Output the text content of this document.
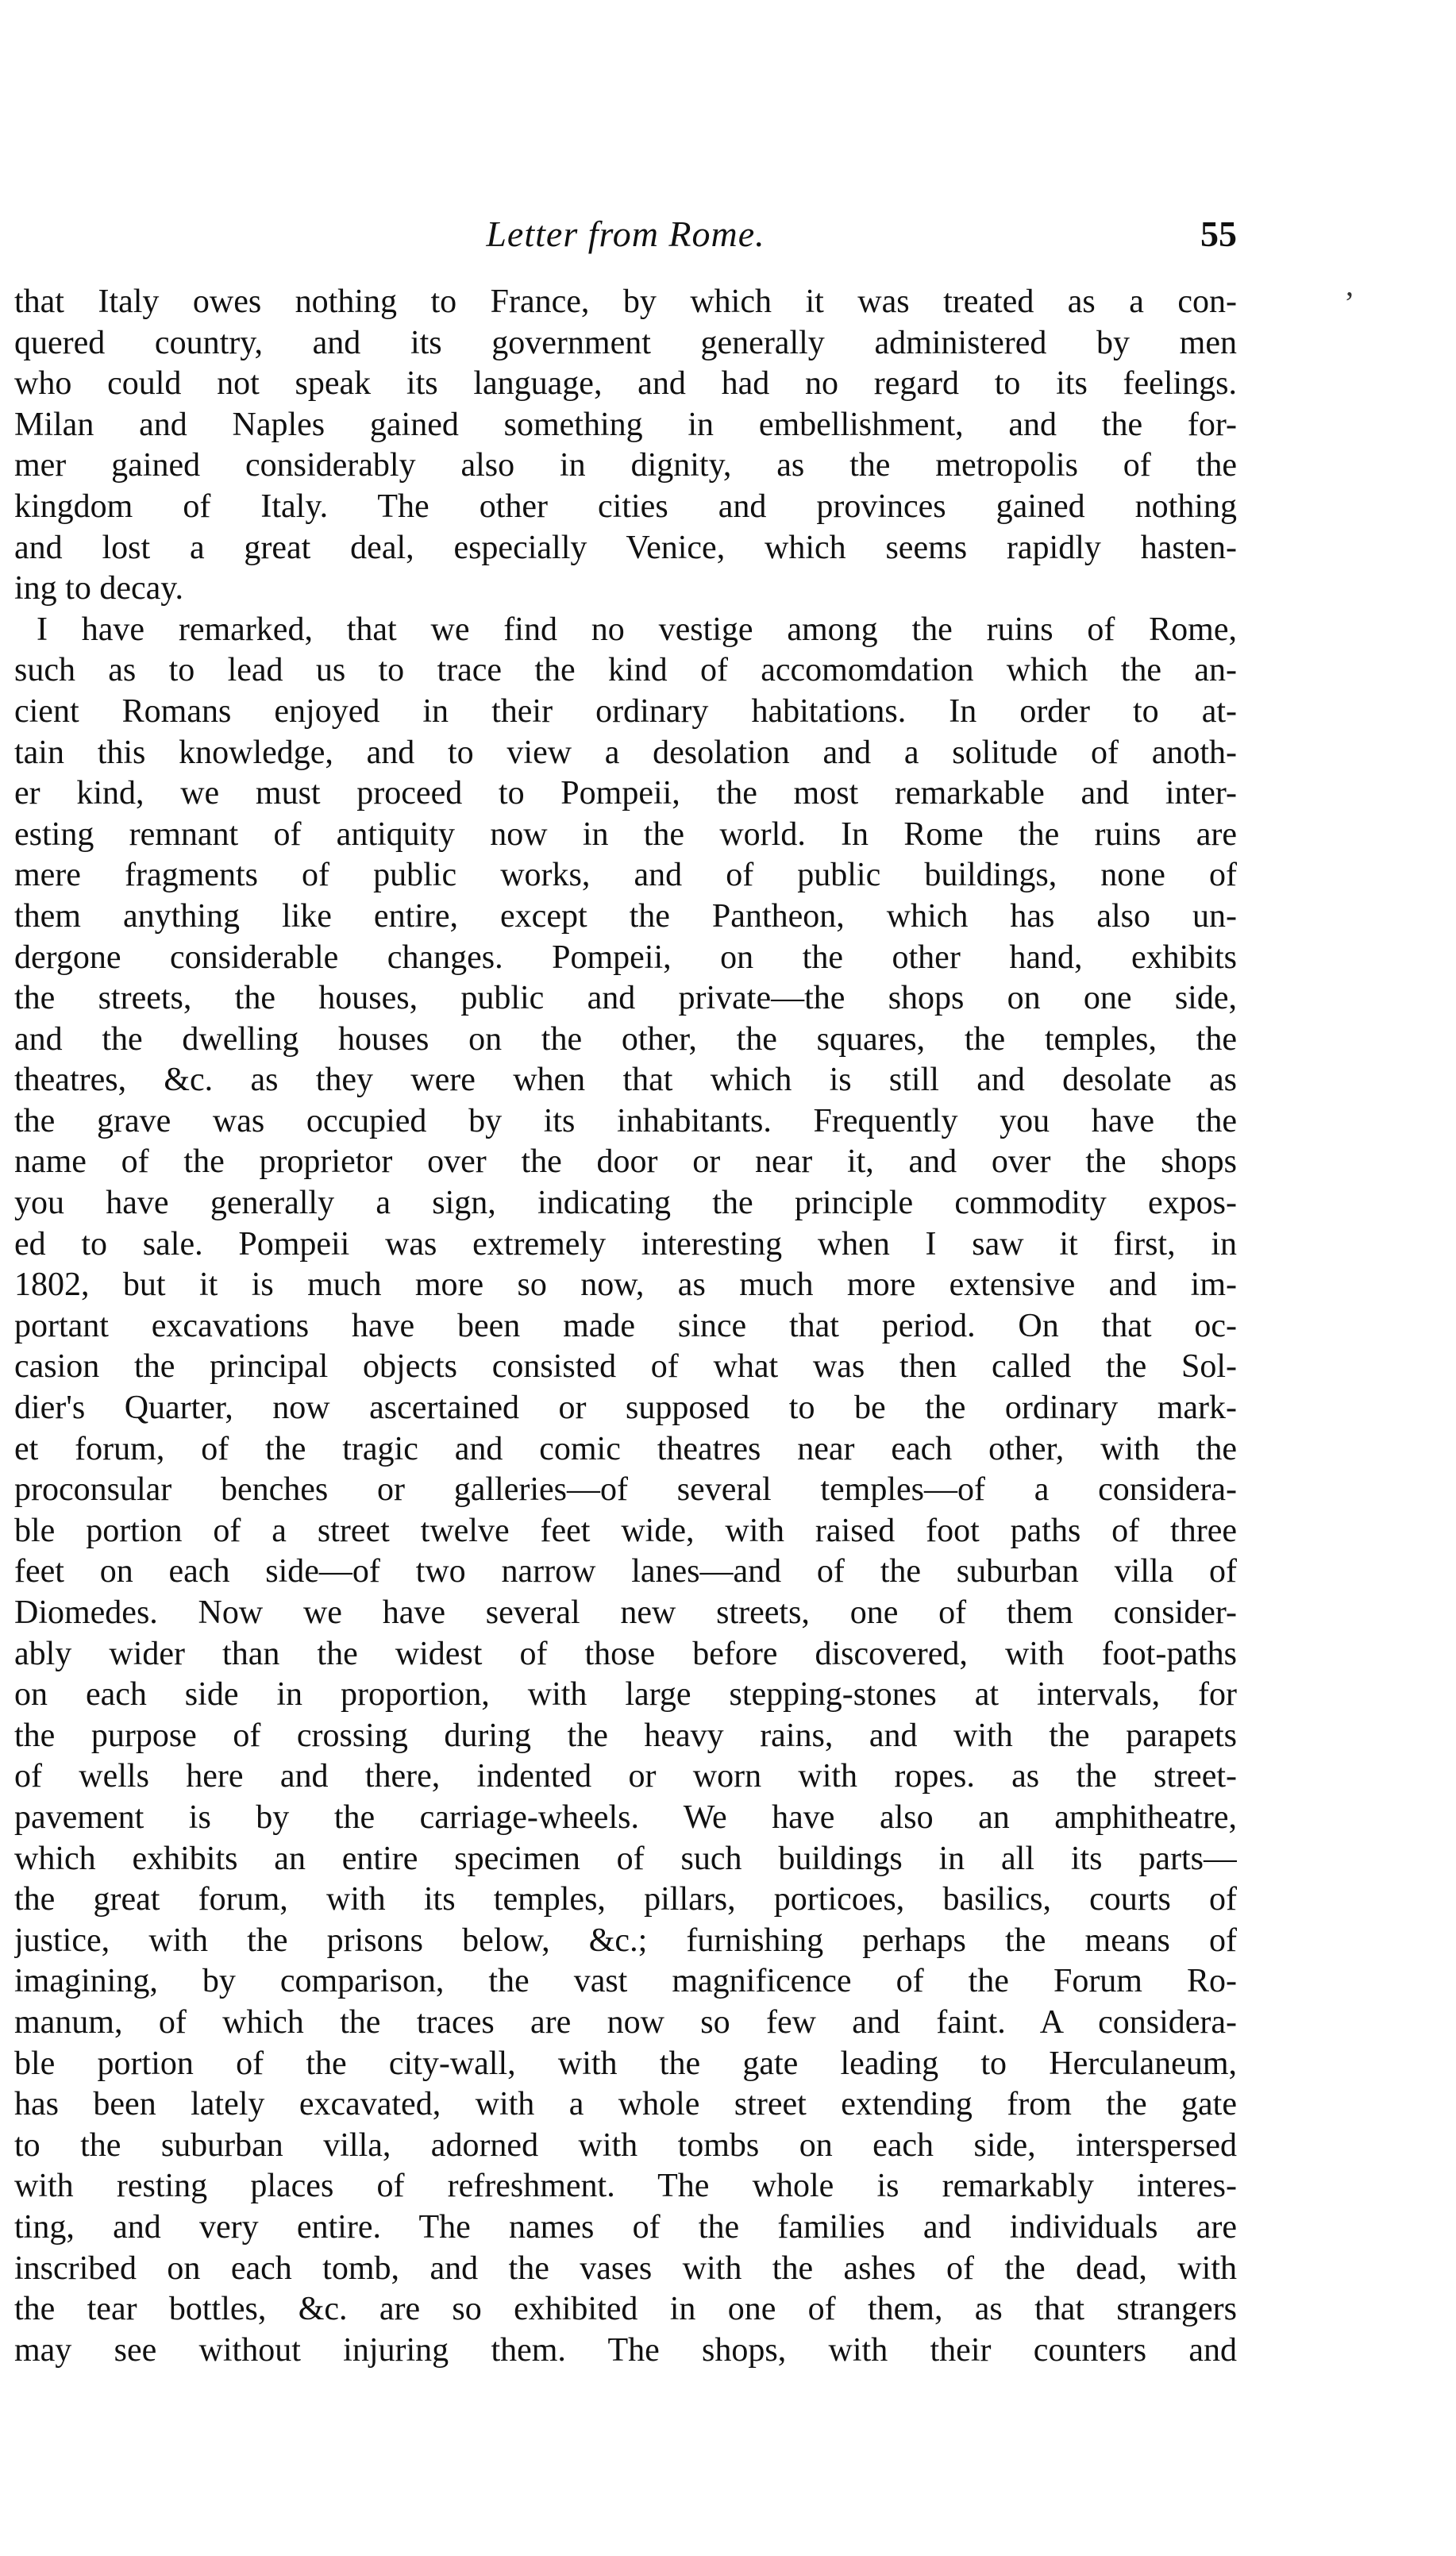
Letter from Rome.	55
,
that Italy owes nothing to France, by which it was treated as a con-
quered country, and its government generally administered by men
who could not speak its language, and had no regard to its feelings.
Milan and Naples gained something in embellishment, and the for-
mer gained considerably also in dignity, as the metropolis of the
kingdom of Italy. The other cities and provinces gained nothing
and lost a great deal, especially Venice, which seems rapidly hasten-
ing to decay.
I have remarked, that we find no vestige among the ruins of Rome,
such as to lead us to trace the kind of accomomdation which the an-
cient Romans enjoyed in their ordinary habitations. In order to at-
tain this knowledge, and to view a desolation and a solitude of anoth-
er kind, we must proceed to Pompeii, the most remarkable and inter-
esting remnant of antiquity now in the world. In Rome the ruins are
mere fragments of public works, and of public buildings, none of
them anything like entire, except the Pantheon, which has also un-
dergone considerable changes. Pompeii, on the other hand, exhibits
the streets, the houses, public and private—the shops on one side,
and the dwelling houses on the other, the squares, the temples, the
theatres, &c. as they were when that which is still and desolate as
the grave was occupied by its inhabitants. Frequently you have the
name of the proprietor over the door or near it, and over the shops
you have generally a sign, indicating the principle commodity expos-
ed to sale. Pompeii was extremely interesting when I saw it first, in
1802, but it is much more so now, as much more extensive and im-
portant excavations have been made since that period. On that oc-
casion the principal objects consisted of what was then called the Sol-
dier's Quarter, now ascertained or supposed to be the ordinary mark-
et forum, of the tragic and comic theatres near each other, with the
proconsular benches or galleries—of several temples—of a considera-
ble portion of a street twelve feet wide, with raised foot paths of three
feet on each side—of two narrow lanes—and of the suburban villa of
Diomedes. Now we have several new streets, one of them consider-
ably wider than the widest of those before discovered, with foot-paths
on each side in proportion, with large stepping-stones at intervals, for
the purpose of crossing during the heavy rains, and with the parapets
of wells here and there, indented or worn with ropes. as the street-
pavement is by the carriage-wheels. We have also an amphitheatre,
which exhibits an entire specimen of such buildings in all its parts—
the great forum, with its temples, pillars, porticoes, basilics, courts of
justice, with the prisons below, &c.; furnishing perhaps the means of
imagining, by comparison, the vast magnificence of the Forum Ro-
manum, of which the traces are now so few and faint. A considera-
ble portion of the city-wall, with the gate leading to Herculaneum,
has been lately excavated, with a whole street extending from the gate
to the suburban villa, adorned with tombs on each side, interspersed
with resting places of refreshment. The whole is remarkably interes-
ting, and very entire. The names of the families and individuals are
inscribed on each tomb, and the vases with the ashes of the dead, with
the tear bottles, &c. are so exhibited in one of them, as that strangers
may see without injuring them. The shops, with their counters and
